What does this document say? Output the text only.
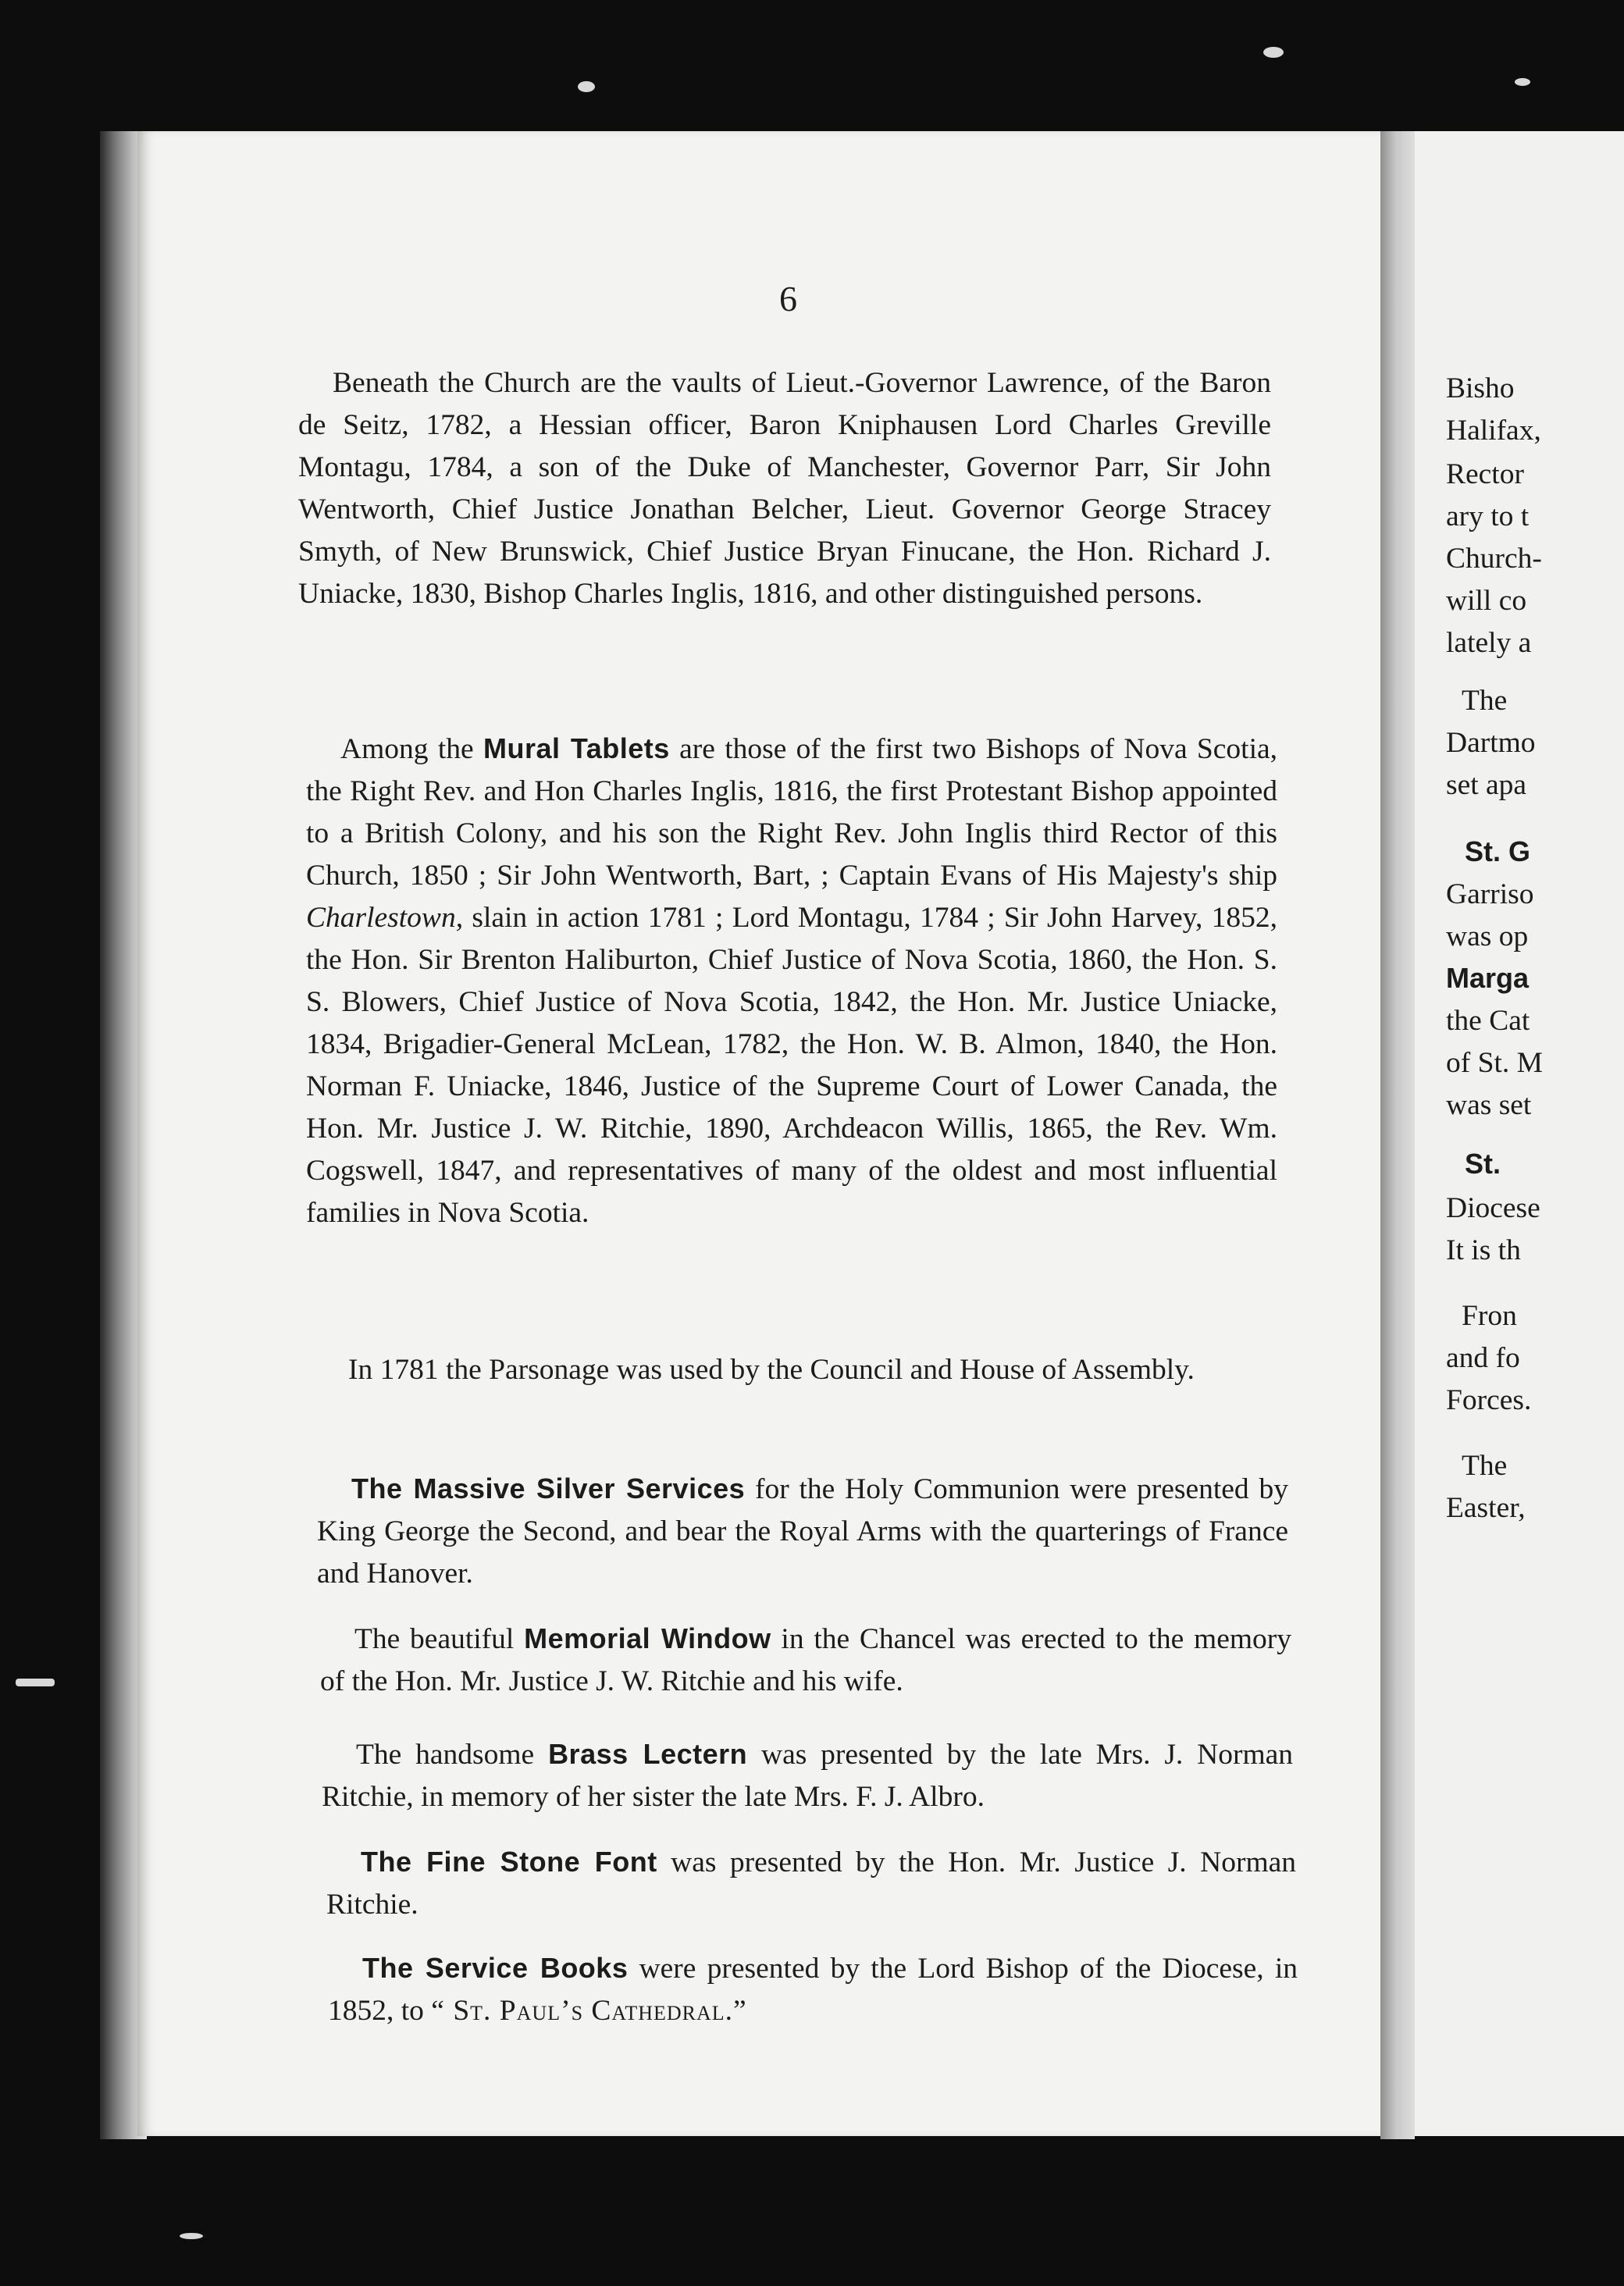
6

Beneath the Church are the vaults of Lieut.-Governor Lawrence, of the Baron de Seitz, 1782, a Hessian officer, Baron Kniphausen Lord Charles Greville Montagu, 1784, a son of the Duke of Manchester, Governor Parr, Sir John Wentworth, Chief Justice Jonathan Belcher, Lieut. Governor George Stracey Smyth, of New Brunswick, Chief Justice Bryan Finucane, the Hon. Richard J. Uniacke, 1830, Bishop Charles Inglis, 1816, and other distinguished persons.

Among the Mural Tablets are those of the first two Bishops of Nova Scotia, the Right Rev. and Hon Charles Inglis, 1816, the first Protestant Bishop appointed to a British Colony, and his son the Right Rev. John Inglis third Rector of this Church, 1850 ; Sir John Wentworth, Bart, ; Captain Evans of His Majesty's ship Charlestown, slain in action 1781 ; Lord Montagu, 1784 ; Sir John Harvey, 1852, the Hon. Sir Brenton Haliburton, Chief Justice of Nova Scotia, 1860, the Hon. S. S. Blowers, Chief Justice of Nova Scotia, 1842, the Hon. Mr. Justice Uniacke, 1834, Brigadier-General McLean, 1782, the Hon. W. B. Almon, 1840, the Hon. Norman F. Uniacke, 1846, Justice of the Supreme Court of Lower Canada, the Hon. Mr. Justice J. W. Ritchie, 1890, Archdeacon Willis, 1865, the Rev. Wm. Cogswell, 1847, and representatives of many of the oldest and most influential families in Nova Scotia.

In 1781 the Parsonage was used by the Council and House of Assembly.

The Massive Silver Services for the Holy Communion were presented by King George the Second, and bear the Royal Arms with the quarterings of France and Hanover.

The beautiful Memorial Window in the Chancel was erected to the memory of the Hon. Mr. Justice J. W. Ritchie and his wife.

The handsome Brass Lectern was presented by the late Mrs. J. Norman Ritchie, in memory of her sister the late Mrs. F. J. Albro.

The Fine Stone Font was presented by the Hon. Mr. Justice J. Norman Ritchie.

The Service Books were presented by the Lord Bishop of the Diocese, in 1852, to “ St. Paul’s Cathedral.”

Bisho
Halifax,
Rector
ary to t
Church-
will co
lately a
The
Dartmo
set apa
St. G
Garriso
was op
Marga
the Cat
of St. M
was set
St.
Diocese
It is th
Fron
and fo
Forces.
The
Easter,
